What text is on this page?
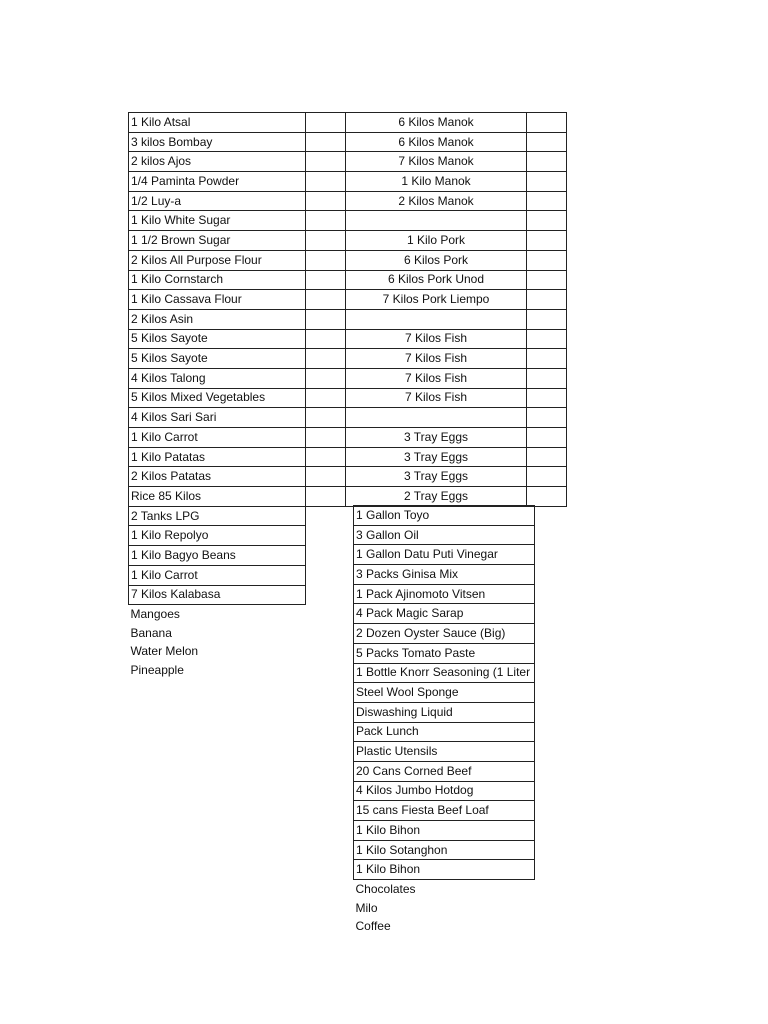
1 Kilo Atsal		6 Kilos Manok	
3 kilos Bombay		6 Kilos Manok	
2 kilos Ajos		7 Kilos Manok	
1/4 Paminta Powder		1 Kilo Manok	
1/2 Luy-a		2 Kilos Manok	
1 Kilo White Sugar			
1 1/2 Brown Sugar		1 Kilo Pork	
2 Kilos All Purpose Flour		6 Kilos Pork	
1 Kilo Cornstarch		6 Kilos Pork Unod	
1 Kilo Cassava Flour		7 Kilos Pork Liempo	
2 Kilos Asin			
5 Kilos Sayote		7 Kilos Fish	
5 Kilos Sayote		7 Kilos Fish	
4 Kilos Talong		7 Kilos Fish	
5 Kilos Mixed Vegetables		7 Kilos Fish	
4 Kilos Sari Sari			
1 Kilo Carrot		3 Tray Eggs	
1 Kilo Patatas		3 Tray Eggs	
2 Kilos Patatas		3 Tray Eggs	
Rice 85 Kilos		2 Tray Eggs	
2 Tanks LPG			
1 Kilo Repolyo			
1 Kilo Bagyo Beans			
1 Kilo Carrot			
7 Kilos Kalabasa			
Mangoes			
Banana			
Water Melon			
Pineapple			
1 Gallon Toyo
3 Gallon Oil
1 Gallon Datu Puti Vinegar
3 Packs Ginisa Mix
1 Pack Ajinomoto Vitsen
4 Pack Magic Sarap
2 Dozen Oyster Sauce (Big)
5 Packs Tomato Paste
1 Bottle Knorr Seasoning (1 Liter
Steel Wool Sponge
Diswashing Liquid
Pack Lunch
Plastic Utensils
20 Cans Corned Beef
4 Kilos Jumbo Hotdog
15 cans Fiesta Beef Loaf
1 Kilo Bihon
1 Kilo Sotanghon
1 Kilo Bihon
Chocolates
Milo
Coffee
